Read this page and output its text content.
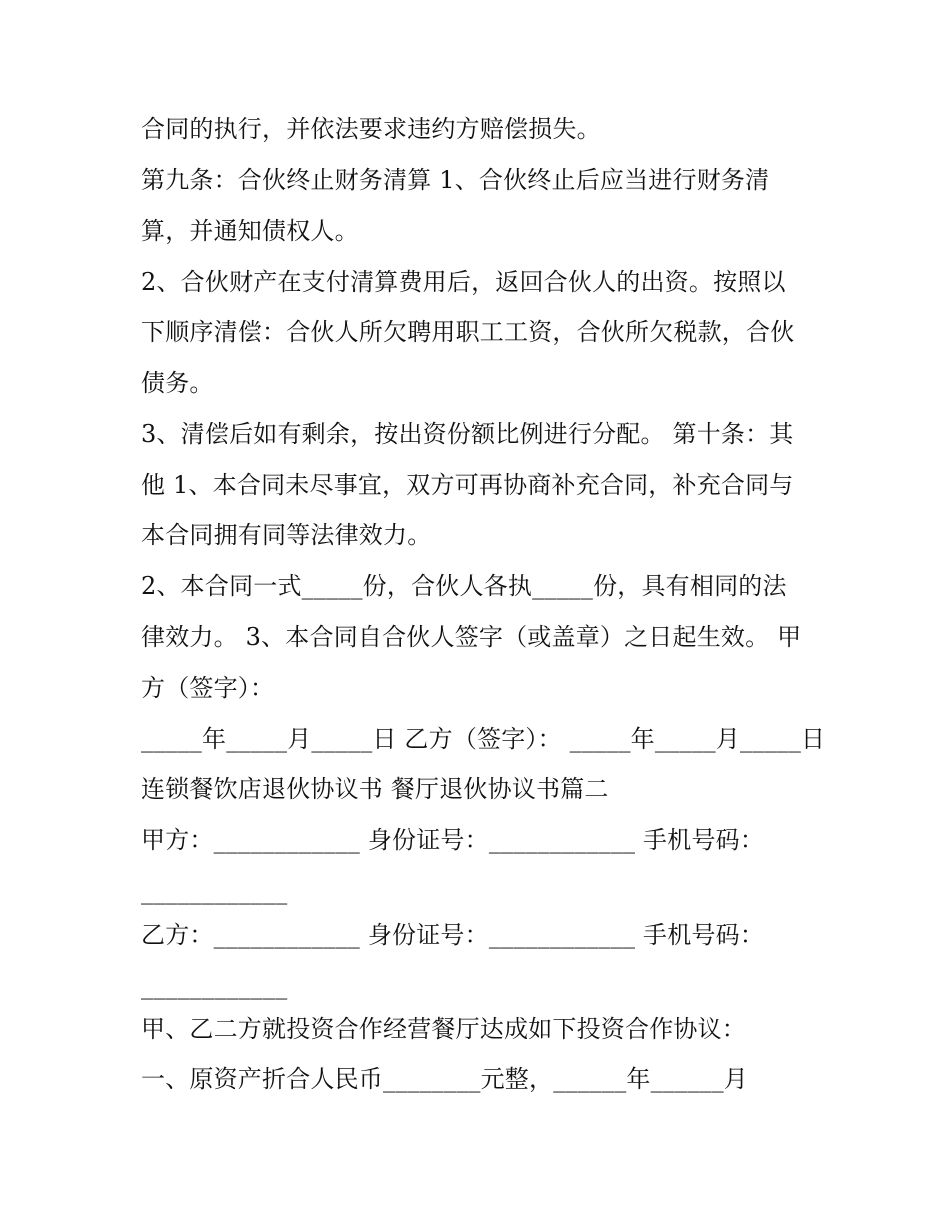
合同的执行，并依法要求违约方赔偿损失。
第九条：合伙终止财务清算 1、合伙终止后应当进行财务清
算，并通知债权人。
2、合伙财产在支付清算费用后，返回合伙人的出资。按照以
下顺序清偿：合伙人所欠聘用职工工资，合伙所欠税款，合伙
债务。
3、清偿后如有剩余，按出资份额比例进行分配。 第十条：其
他 1、本合同未尽事宜，双方可再协商补充合同，补充合同与
本合同拥有同等法律效力。
2、本合同一式_____份，合伙人各执_____份，具有相同的法
律效力。 3、本合同自合伙人签字（或盖章）之日起生效。 甲
方（签字）：
_____年_____月_____日 乙方（签字）： _____年_____月_____日
连锁餐饮店退伙协议书 餐厅退伙协议书篇二
甲方：____________ 身份证号：____________ 手机号码：
____________
乙方：____________ 身份证号：____________ 手机号码：
____________
甲、乙二方就投资合作经营餐厅达成如下投资合作协议：
一、原资产折合人民币________元整，______年______月
